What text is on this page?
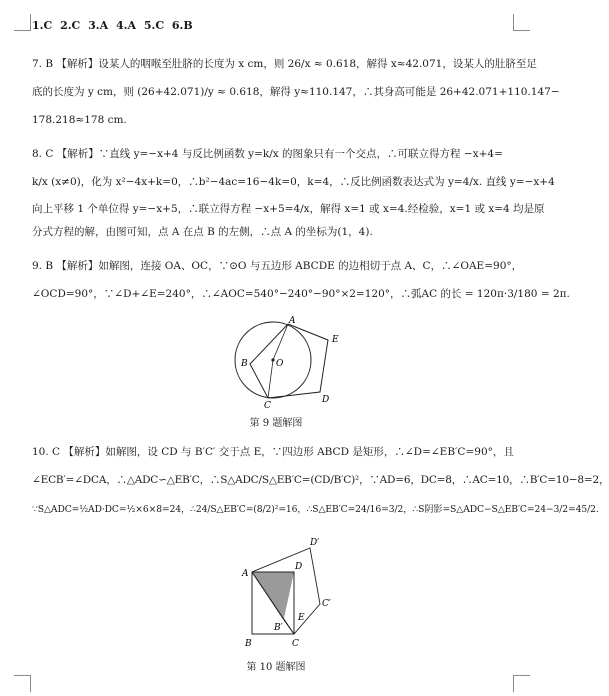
1.C 2.C 3.A 4.A 5.C 6.B
7. B 【解析】设某人的咽喉至肚脐的长度为 x cm，则 26/x ≈ 0.618，解得 x≈42.071，设某人的肚脐至足
底的长度为 y cm，则 (26+42.071)/y ≈ 0.618，解得 y≈110.147，∴其身高可能是 26+42.071+110.147−
178.218≈178 cm.
8. C 【解析】∵直线 y=−x+4 与反比例函数 y=k/x 的图象只有一个交点，∴可联立得方程 −x+4=
k/x (x≠0)，化为 x²−4x+k=0，∴b²−4ac=16−4k=0，k=4，∴反比例函数表达式为 y=4/x. 直线 y=−x+4
向上平移 1 个单位得 y=−x+5，∴联立得方程 −x+5=4/x，解得 x=1 或 x=4.经检验，x=1 或 x=4 均是原
分式方程的解，由图可知，点 A 在点 B 的左侧，∴点 A 的坐标为(1，4).
9. B 【解析】如解图，连接 OA、OC，∵⊙O 与五边形 ABCDE 的边相切于点 A、C，∴∠OAE=90°，
∠OCD=90°，∵∠D+∠E=240°，∴∠AOC=540°−240°−90°×2=120°，∴弧AC 的长 = 120π·3/180 = 2π.
A
B	O
C
D
E
第 9 题解图
10. C 【解析】如解图，设 CD 与 B′C′ 交于点 E，∵四边形 ABCD 是矩形，∴∠D=∠EB′C=90°，且
∠ECB′=∠DCA，∴△ADC∽△EB′C，∴S△ADC/S△EB′C=(CD/B′C)²，∵AD=6，DC=8，∴AC=10，∴B′C=10−8=2，
∵S△ADC=½AD·DC=½×6×8=24，∴24/S△EB′C=(8/2)²=16，∴S△EB′C=24/16=3/2，∴S阴影=S△ADC−S△EB′C=24−3/2=45/2.
A
D
D′
C′
E
B′
B	C
第 10 题解图
